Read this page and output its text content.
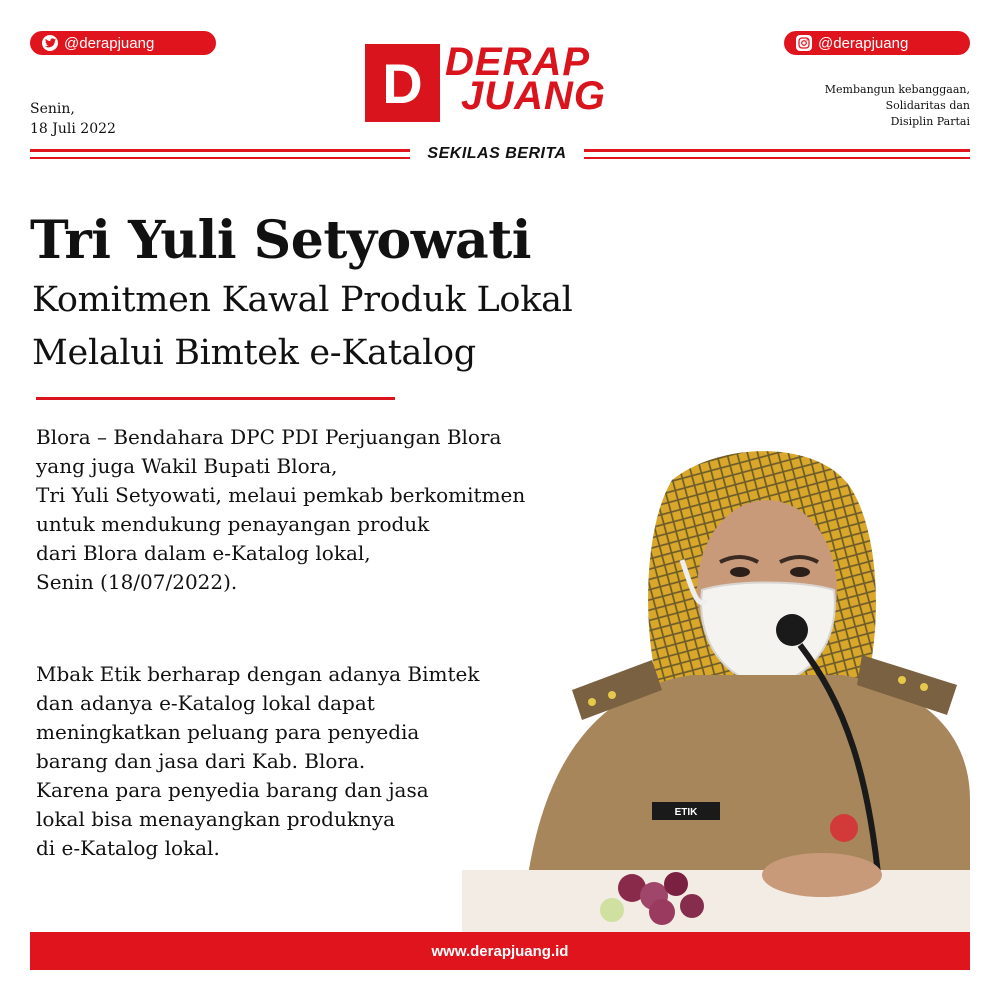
@derapjuang	@derapjuang
Senin,
18 Juli 2022
D DERAP
JUANG	Membangun kebanggaan,
Solidaritas dan
Disiplin Partai
SEKILAS BERITA
Tri Yuli Setyowati
Komitmen Kawal Produk Lokal
Melalui Bimtek e-Katalog
ETIK
Blora – Bendahara DPC PDI Perjuangan Blora
yang juga Wakil Bupati Blora,
Tri Yuli Setyowati, melaui pemkab berkomitmen
untuk mendukung penayangan produk
dari Blora dalam e-Katalog lokal,
Senin (18/07/2022).
Mbak Etik berharap dengan adanya Bimtek
dan adanya e-Katalog lokal dapat
meningkatkan peluang para penyedia
barang dan jasa dari Kab. Blora.
Karena para penyedia barang dan jasa
lokal bisa menayangkan produknya
di e-Katalog lokal.
www.derapjuang.id
